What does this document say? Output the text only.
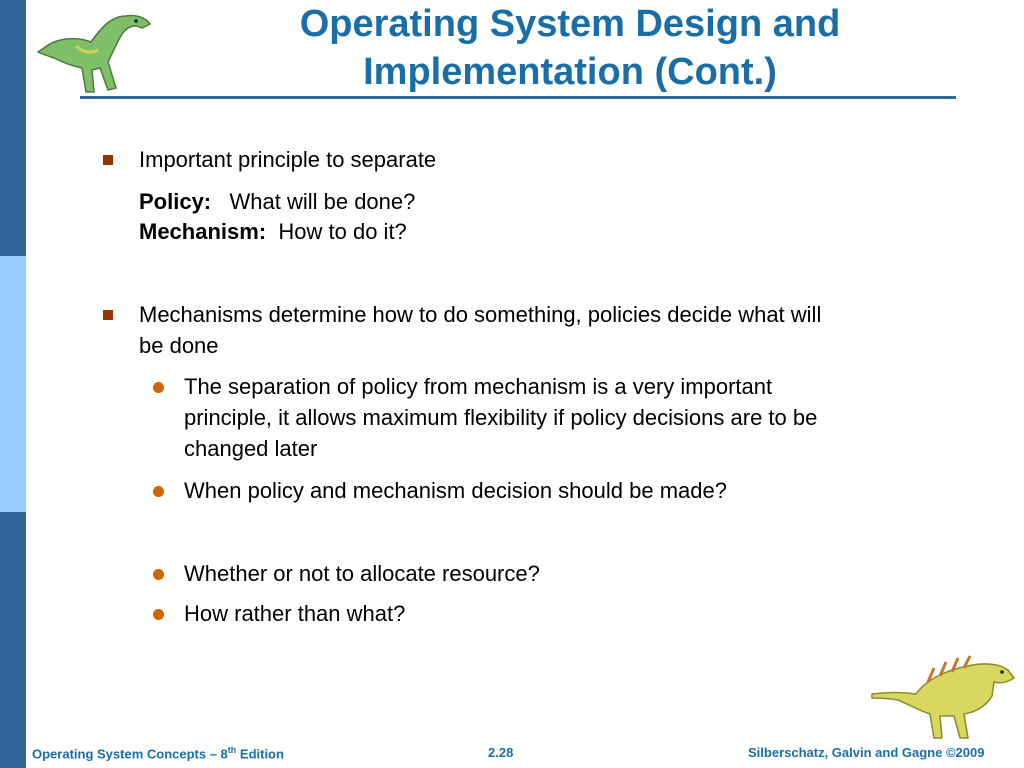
Operating System Design and
Implementation (Cont.)
Important principle to separate
Policy: What will be done?
Mechanism: How to do it?
Mechanisms determine how to do something, policies decide what will
be done
The separation of policy from mechanism is a very important
principle, it allows maximum flexibility if policy decisions are to be
changed later
When policy and mechanism decision should be made?
Whether or not to allocate resource?
How rather than what?
Operating System Concepts – 8th Edition	2.28	Silberschatz, Galvin and Gagne ©2009
